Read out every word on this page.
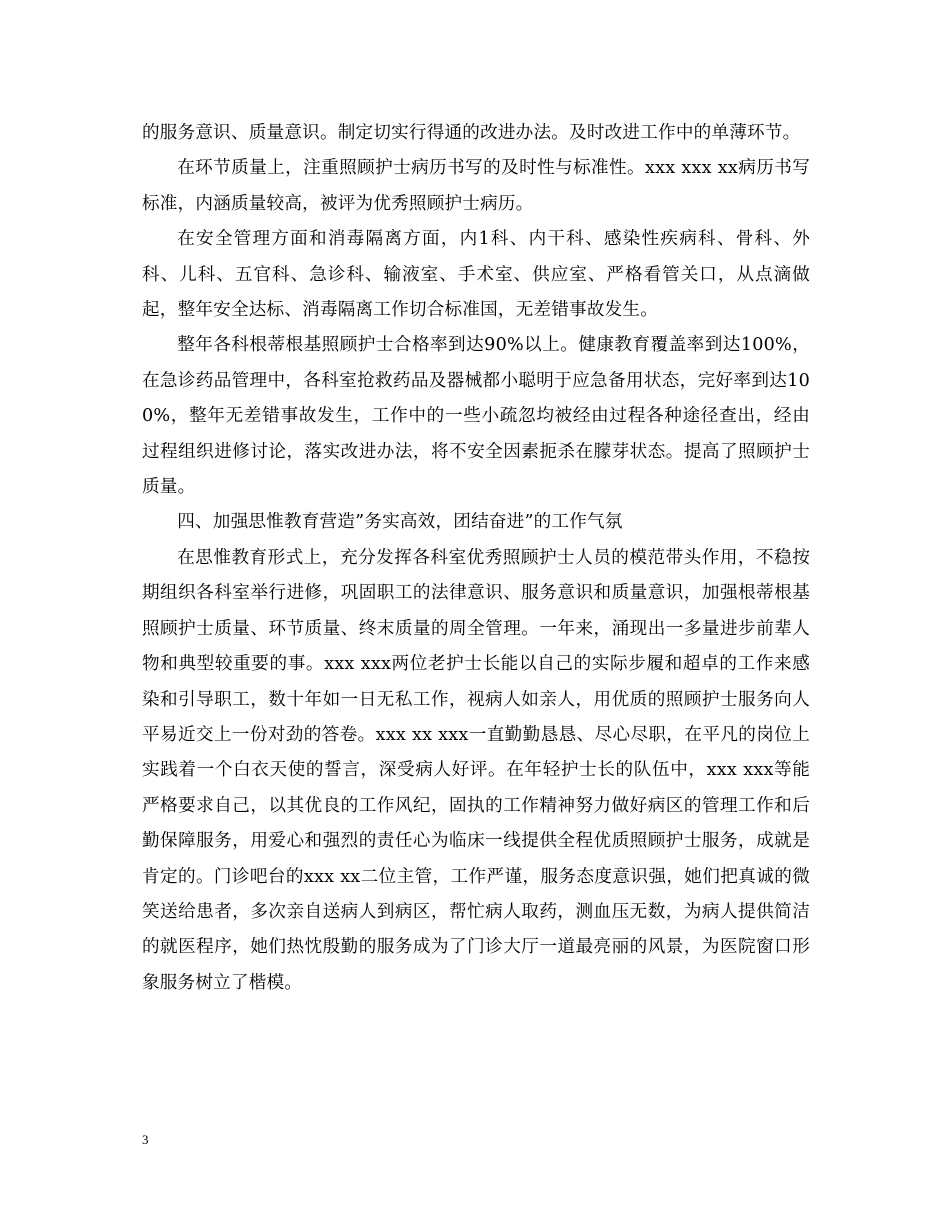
的服务意识、质量意识。制定切实行得通的改进办法。及时改进工作中的单薄环节。

在环节质量上，注重照顾护士病历书写的及时性与标准性。xxx xxx xx病历书写标准，内涵质量较高，被评为优秀照顾护士病历。

在安全管理方面和消毒隔离方面，内1科、内干科、感染性疾病科、骨科、外科、儿科、五官科、急诊科、输液室、手术室、供应室、严格看管关口，从点滴做起，整年安全达标、消毒隔离工作切合标准国，无差错事故发生。

整年各科根蒂根基照顾护士合格率到达90%以上。健康教育覆盖率到达100%，在急诊药品管理中，各科室抢救药品及器械都小聪明于应急备用状态，完好率到达100%，整年无差错事故发生，工作中的一些小疏忽均被经由过程各种途径查出，经由过程组织进修讨论，落实改进办法，将不安全因素扼杀在朦芽状态。提高了照顾护士质量。

四、加强思惟教育营造”务实高效，团结奋进”的工作气氛

在思惟教育形式上，充分发挥各科室优秀照顾护士人员的模范带头作用，不稳按期组织各科室举行进修，巩固职工的法律意识、服务意识和质量意识，加强根蒂根基照顾护士质量、环节质量、终末质量的周全管理。一年来，涌现出一多量进步前辈人物和典型较重要的事。xxx xxx两位老护士长能以自己的实际步履和超卓的工作来感染和引导职工，数十年如一日无私工作，视病人如亲人，用优质的照顾护士服务向人平易近交上一份对劲的答卷。xxx xx xxx一直勤勤恳恳、尽心尽职，在平凡的岗位上实践着一个白衣天使的誓言，深受病人好评。在年轻护士长的队伍中，xxx xxx等能严格要求自己，以其优良的工作风纪，固执的工作精神努力做好病区的管理工作和后勤保障服务，用爱心和强烈的责任心为临床一线提供全程优质照顾护士服务，成就是肯定的。门诊吧台的xxx xx二位主管，工作严谨，服务态度意识强，她们把真诚的微笑送给患者，多次亲自送病人到病区，帮忙病人取药，测血压无数，为病人提供简洁的就医程序，她们热忱殷勤的服务成为了门诊大厅一道最亮丽的风景，为医院窗口形象服务树立了楷模。

3
